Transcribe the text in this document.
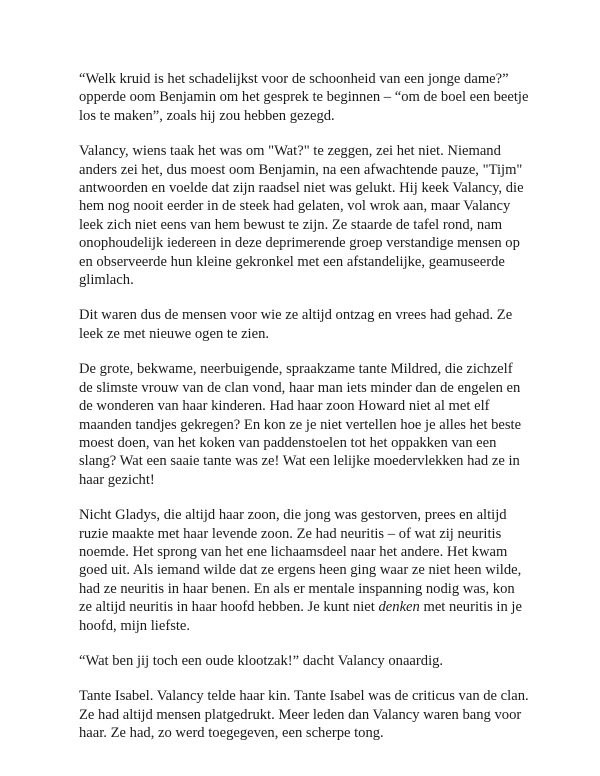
“Welk kruid is het schadelijkst voor de schoonheid van een jonge dame?” opperde oom Benjamin om het gesprek te beginnen – “om de boel een beetje los te maken”, zoals hij zou hebben gezegd.

Valancy, wiens taak het was om "Wat?" te zeggen, zei het niet. Niemand anders zei het, dus moest oom Benjamin, na een afwachtende pauze, "Tijm" antwoorden en voelde dat zijn raadsel niet was gelukt. Hij keek Valancy, die hem nog nooit eerder in de steek had gelaten, vol wrok aan, maar Valancy leek zich niet eens van hem bewust te zijn. Ze staarde de tafel rond, nam onophoudelijk iedereen in deze deprimerende groep verstandige mensen op en observeerde hun kleine gekronkel met een afstandelijke, geamuseerde glimlach.

Dit waren dus de mensen voor wie ze altijd ontzag en vrees had gehad. Ze leek ze met nieuwe ogen te zien.

De grote, bekwame, neerbuigende, spraakzame tante Mildred, die zichzelf de slimste vrouw van de clan vond, haar man iets minder dan de engelen en de wonderen van haar kinderen. Had haar zoon Howard niet al met elf maanden tandjes gekregen? En kon ze je niet vertellen hoe je alles het beste moest doen, van het koken van paddenstoelen tot het oppakken van een slang? Wat een saaie tante was ze! Wat een lelijke moedervlekken had ze in haar gezicht!

Nicht Gladys, die altijd haar zoon, die jong was gestorven, prees en altijd ruzie maakte met haar levende zoon. Ze had neuritis – of wat zij neuritis noemde. Het sprong van het ene lichaamsdeel naar het andere. Het kwam goed uit. Als iemand wilde dat ze ergens heen ging waar ze niet heen wilde, had ze neuritis in haar benen. En als er mentale inspanning nodig was, kon ze altijd neuritis in haar hoofd hebben. Je kunt niet denken met neuritis in je hoofd, mijn liefste.

“Wat ben jij toch een oude klootzak!” dacht Valancy onaardig.

Tante Isabel. Valancy telde haar kin. Tante Isabel was de criticus van de clan. Ze had altijd mensen platgedrukt. Meer leden dan Valancy waren bang voor haar. Ze had, zo werd toegegeven, een scherpe tong.
